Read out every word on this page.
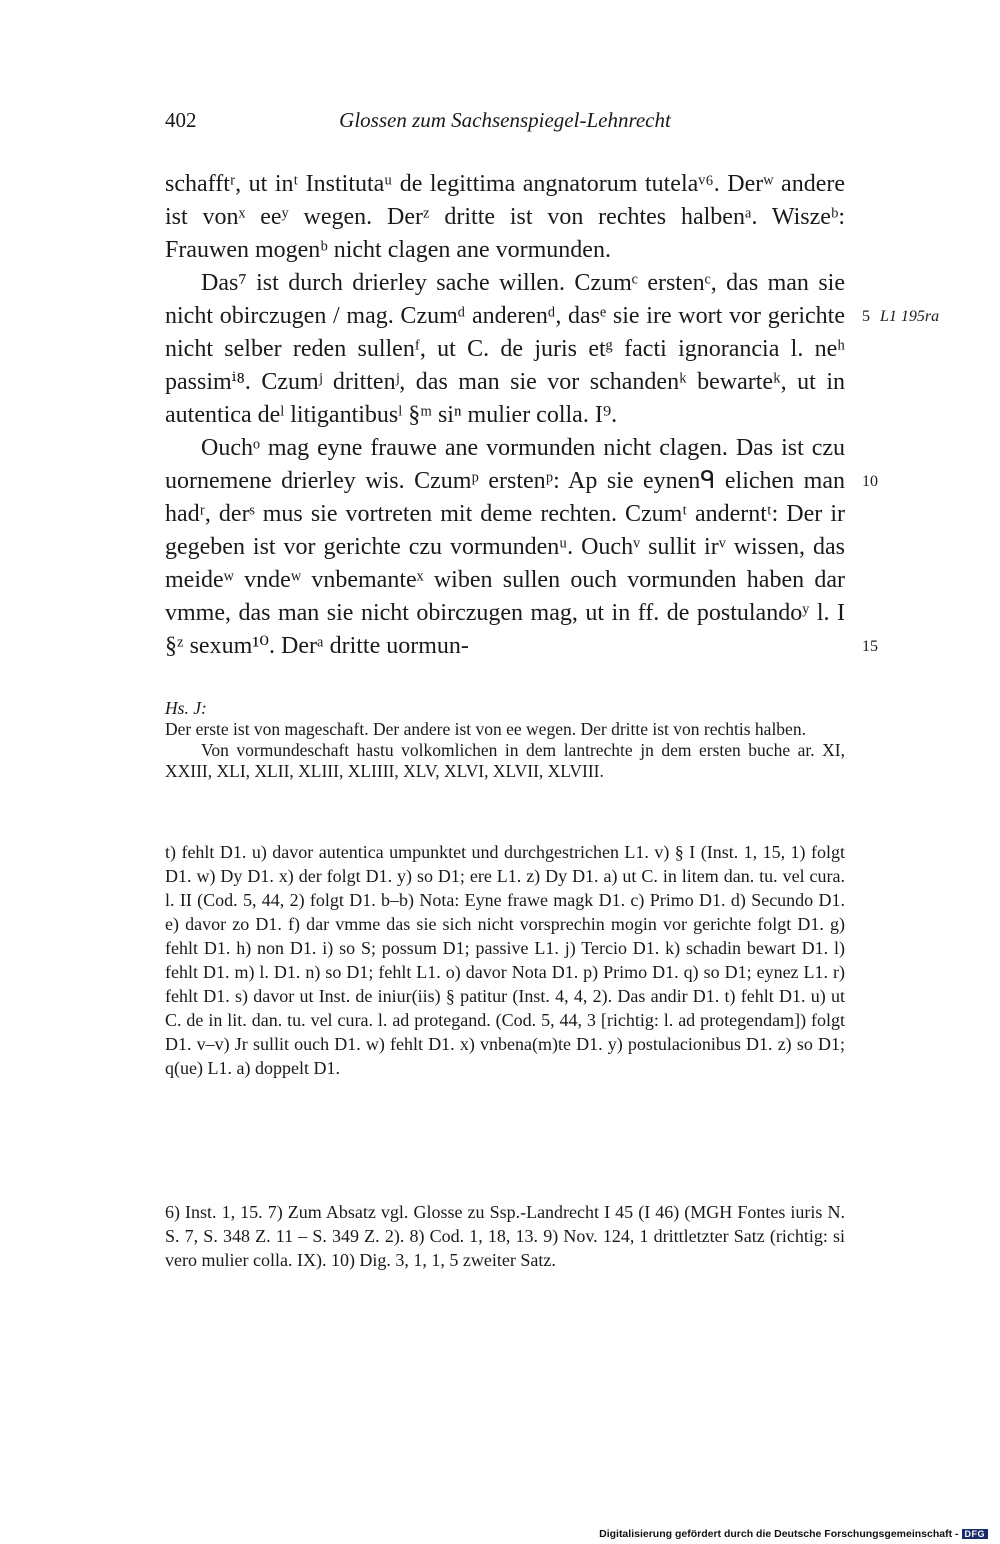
402	Glossen zum Sachsenspiegel-Lehnrecht

schafftʳ, ut inᵗ Institutaᵘ de legittima angnatorum tutelaᵛ⁶. Derʷ andere ist vonˣ eeʸ wegen. Derᶻ dritte ist von rechtes halbenᵃ. Wiszeᵇ: Frauwen mogenᵇ nicht clagen ane vormunden.

Das⁷ ist durch drierley sache willen. Czumᶜ erstenᶜ, das man sie nicht obirczugen / mag. Czumᵈ anderenᵈ, dasᵉ sie ire wort vor gerichte nicht selber reden sullenᶠ, ut C. de juris etᵍ facti ignorancia l. neʰ passimⁱ⁸. Czumʲ drittenʲ, das man sie vor schandenᵏ bewarteᵏ, ut in autentica deˡ litigantibusˡ §ᵐ siⁿ mulier colla. I⁹.

Ouchᵒ mag eyne frauwe ane vormunden nicht clagen. Das ist czu uornemene drierley wis. Czumᵖ erstenᵖ: Ap sie eynenᑫ elichen man hadʳ, derˢ mus sie vortreten mit deme rechten. Czumᵗ anderntᵗ: Der ir gegeben ist vor gerichte czu vormundenᵘ. Ouchᵛ sullit irᵛ wissen, das meideʷ vndeʷ vnbemanteˣ wiben sullen ouch vormunden haben dar vmme, das man sie nicht obirczugen mag, ut in ff. de postulandoʸ l. I §ᶻ sexum¹⁰. Derᵃ dritte uormun-

5 L1 195ra
10
15

Hs. J:

Der erste ist von mageschaft. Der andere ist von ee wegen. Der dritte ist von rechtis halben.

Von vormundeschaft hastu volkomlichen in dem lantrechte jn dem ersten buche ar. XI, XXIII, XLI, XLII, XLIII, XLIIII, XLV, XLVI, XLVII, XLVIII.

t) fehlt D1. u) davor autentica umpunktet und durchgestrichen L1. v) § I (Inst. 1, 15, 1) folgt D1. w) Dy D1. x) der folgt D1. y) so D1; ere L1. z) Dy D1. a) ut C. in litem dan. tu. vel cura. l. II (Cod. 5, 44, 2) folgt D1. b–b) Nota: Eyne frawe magk D1. c) Primo D1. d) Secundo D1. e) davor zo D1. f) dar vmme das sie sich nicht vorsprechin mogin vor gerichte folgt D1. g) fehlt D1. h) non D1. i) so S; possum D1; passive L1. j) Tercio D1. k) schadin bewart D1. l) fehlt D1. m) l. D1. n) so D1; fehlt L1. o) davor Nota D1. p) Primo D1. q) so D1; eynez L1. r) fehlt D1. s) davor ut Inst. de iniur(iis) § patitur (Inst. 4, 4, 2). Das andir D1. t) fehlt D1. u) ut C. de in lit. dan. tu. vel cura. l. ad protegand. (Cod. 5, 44, 3 [richtig: l. ad protegendam]) folgt D1. v–v) Jr sullit ouch D1. w) fehlt D1. x) vnbena(m)te D1. y) postulacionibus D1. z) so D1; q(ue) L1. a) doppelt D1.

6) Inst. 1, 15. 7) Zum Absatz vgl. Glosse zu Ssp.-Landrecht I 45 (I 46) (MGH Fontes iuris N. S. 7, S. 348 Z. 11 – S. 349 Z. 2). 8) Cod. 1, 18, 13. 9) Nov. 124, 1 drittletzter Satz (richtig: si vero mulier colla. IX). 10) Dig. 3, 1, 1, 5 zweiter Satz.

Digitalisierung gefördert durch die Deutsche Forschungsgemeinschaft - DFG
